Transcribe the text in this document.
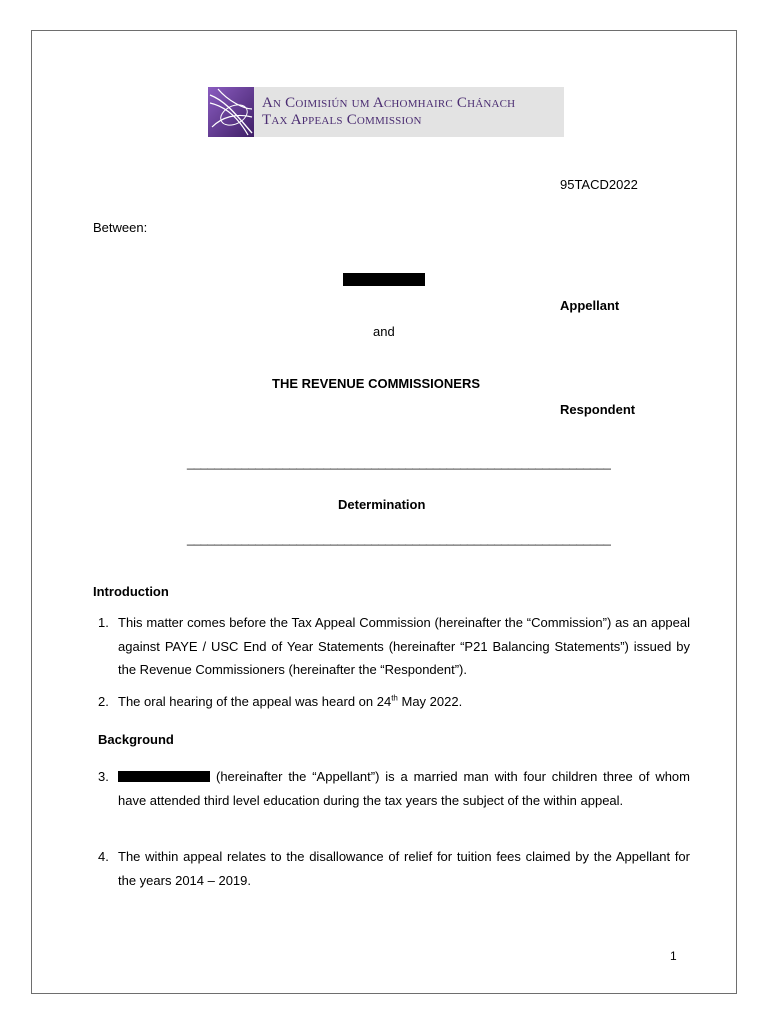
An Coimisiún um Achomhairc Chánach
Tax Appeals Commission
95TACD2022
Between:
Appellant
and
THE REVENUE COMMISSIONERS
Respondent
______________________________________________________________
Determination
______________________________________________________________
Introduction
1. This matter comes before the Tax Appeal Commission (hereinafter the “Commission”) as an appeal against PAYE / USC End of Year Statements (hereinafter “P21 Balancing Statements”) issued by the Revenue Commissioners (hereinafter the “Respondent”).
2. The oral hearing of the appeal was heard on 24th May 2022.
Background
3.	(hereinafter the “Appellant”) is a married man with four children three of whom have attended third level education during the tax years the subject of the within appeal.
4. The within appeal relates to the disallowance of relief for tuition fees claimed by the Appellant for the years 2014 – 2019.
1
